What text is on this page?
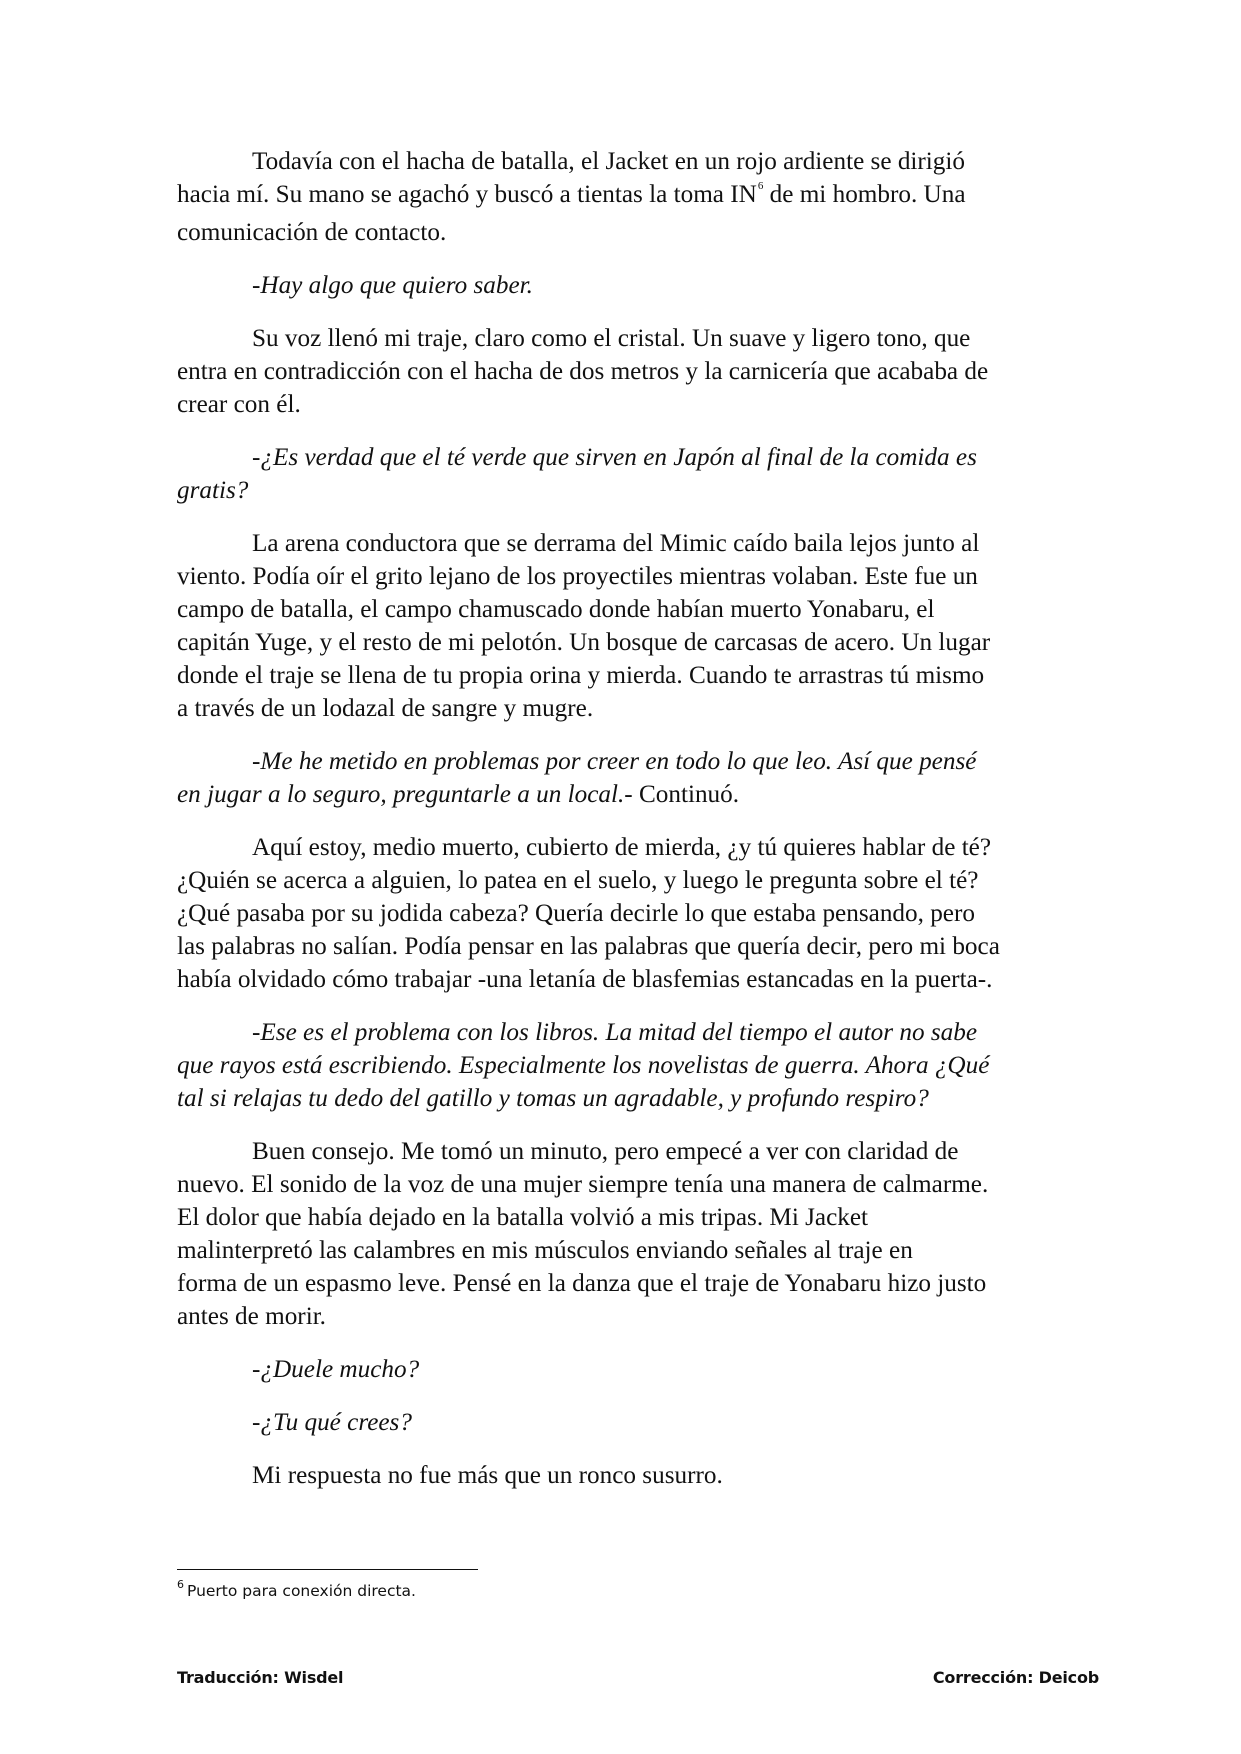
Todavía con el hacha de batalla, el Jacket en un rojo ardiente se dirigió
hacia mí. Su mano se agachó y buscó a tientas la toma IN$^6$ de mi hombro. Una
comunicación de contacto.

-Hay algo que quiero saber.

Su voz llenó mi traje, claro como el cristal. Un suave y ligero tono, que
entra en contradicción con el hacha de dos metros y la carnicería que acababa de
crear con él.

-¿Es verdad que el té verde que sirven en Japón al final de la comida es
gratis?

La arena conductora que se derrama del Mimic caído baila lejos junto al
viento. Podía oír el grito lejano de los proyectiles mientras volaban. Este fue un
campo de batalla, el campo chamuscado donde habían muerto Yonabaru, el
capitán Yuge, y el resto de mi pelotón. Un bosque de carcasas de acero. Un lugar
donde el traje se llena de tu propia orina y mierda. Cuando te arrastras tú mismo
a través de un lodazal de sangre y mugre.

-Me he metido en problemas por creer en todo lo que leo. Así que pensé
en jugar a lo seguro, preguntarle a un local.- Continuó.

Aquí estoy, medio muerto, cubierto de mierda, ¿y tú quieres hablar de té?
¿Quién se acerca a alguien, lo patea en el suelo, y luego le pregunta sobre el té?
¿Qué pasaba por su jodida cabeza? Quería decirle lo que estaba pensando, pero
las palabras no salían. Podía pensar en las palabras que quería decir, pero mi boca
había olvidado cómo trabajar -una letanía de blasfemias estancadas en la puerta-.

-Ese es el problema con los libros. La mitad del tiempo el autor no sabe
que rayos está escribiendo. Especialmente los novelistas de guerra. Ahora ¿Qué
tal si relajas tu dedo del gatillo y tomas un agradable, y profundo respiro?

Buen consejo. Me tomó un minuto, pero empecé a ver con claridad de
nuevo. El sonido de la voz de una mujer siempre tenía una manera de calmarme.
El dolor que había dejado en la batalla volvió a mis tripas. Mi Jacket
malinterpretó las calambres en mis músculos enviando señales al traje en
forma de un espasmo leve. Pensé en la danza que el traje de Yonabaru hizo justo
antes de morir.

-¿Duele mucho?

-¿Tu qué crees?

Mi respuesta no fue más que un ronco susurro.

$^6$ Puerto para conexión directa.
Traducción: Wisdel	Corrección: Deicob
